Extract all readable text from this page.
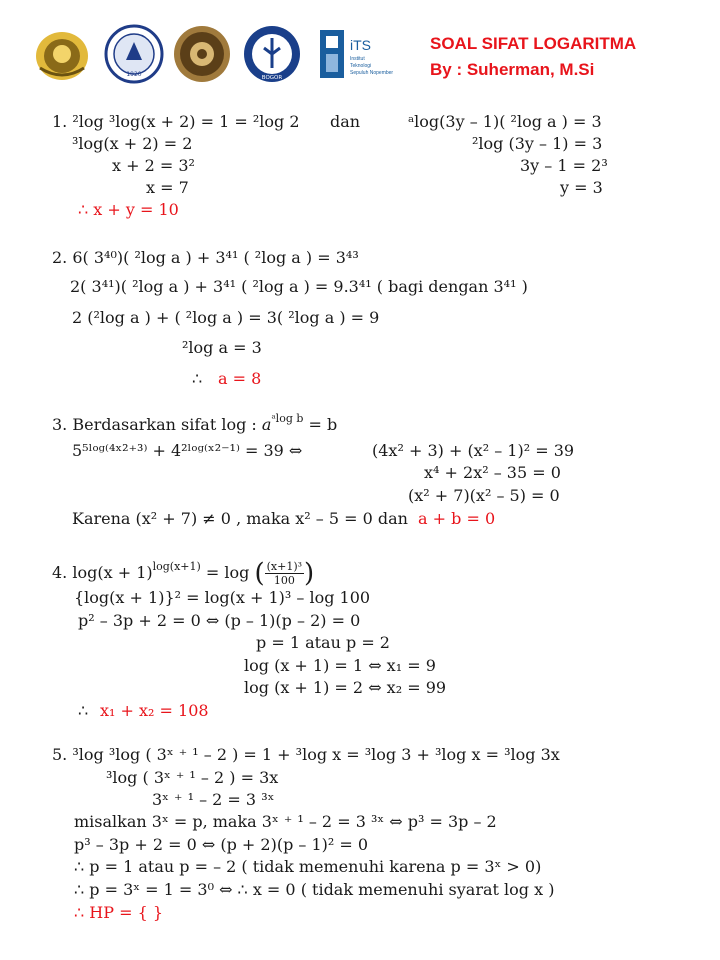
1920	BOGOR
iTS
Institut
Teknologi
Sepuluh Nopember
SOAL SIFAT LOGARITMA
By : Suherman, M.Si
1. ²log ³log(x + 2) = 1 = ²log 2 dan	ᵃlog(3y – 1)( ²log a ) = 3
³log(x + 2) = 2	²log (3y – 1) = 3
x + 2 = 3²	3y – 1 = 2³
x = 7	y = 3
∴ x + y = 10
2. 6( 3⁴⁰)( ²log a ) + 3⁴¹ ( ²log a ) = 3⁴³
2( 3⁴¹)( ²log a ) + 3⁴¹ ( ²log a ) = 9.3⁴¹ ( bagi dengan 3⁴¹ )
2 (²log a ) + ( ²log a ) = 3( ²log a ) = 9
²log a = 3
∴ a = 8
3. Berdasarkan sifat log : $a^{ᵃlog b} = b$
5⁵ˡᵒᵍ⁽⁴ˣ²⁺³⁾ + 4²ˡᵒᵍ⁽ˣ²⁻¹⁾ = 39 ⇔	(4x² + 3) + (x² – 1)² = 39
x⁴ + 2x² – 35 = 0
(x² + 7)(x² – 5) = 0
Karena (x² + 7) ≠ 0 , maka x² – 5 = 0 dan a + b = 0
4. $\log(x + 1)^{log(x+1)} = \log$ ( $\frac{\text{(x+1)³}}{100}$ )
{log(x + 1)}² = log(x + 1)³ – log 100
p² – 3p + 2 = 0 ⇔ (p – 1)(p – 2) = 0
p = 1 atau p = 2
log (x + 1) = 1 ⇔ x₁ = 9
log (x + 1) = 2 ⇔ x₂ = 99
∴ x₁ + x₂ = 108
5. ³log ³log ( 3ˣ ⁺ ¹ – 2 ) = 1 + ³log x = ³log 3 + ³log x = ³log 3x
³log ( 3ˣ ⁺ ¹ – 2 ) = 3x
3ˣ ⁺ ¹ – 2 = 3 ³ˣ
misalkan 3ˣ = p, maka 3ˣ ⁺ ¹ – 2 = 3 ³ˣ ⇔ p³ = 3p – 2
p³ – 3p + 2 = 0 ⇔ (p + 2)(p – 1)² = 0
∴ p = 1 atau p = – 2 ( tidak memenuhi karena p = 3ˣ > 0)
∴ p = 3ˣ = 1 = 3⁰ ⇔ ∴ x = 0 ( tidak memenuhi syarat log x )
∴ HP = { }
